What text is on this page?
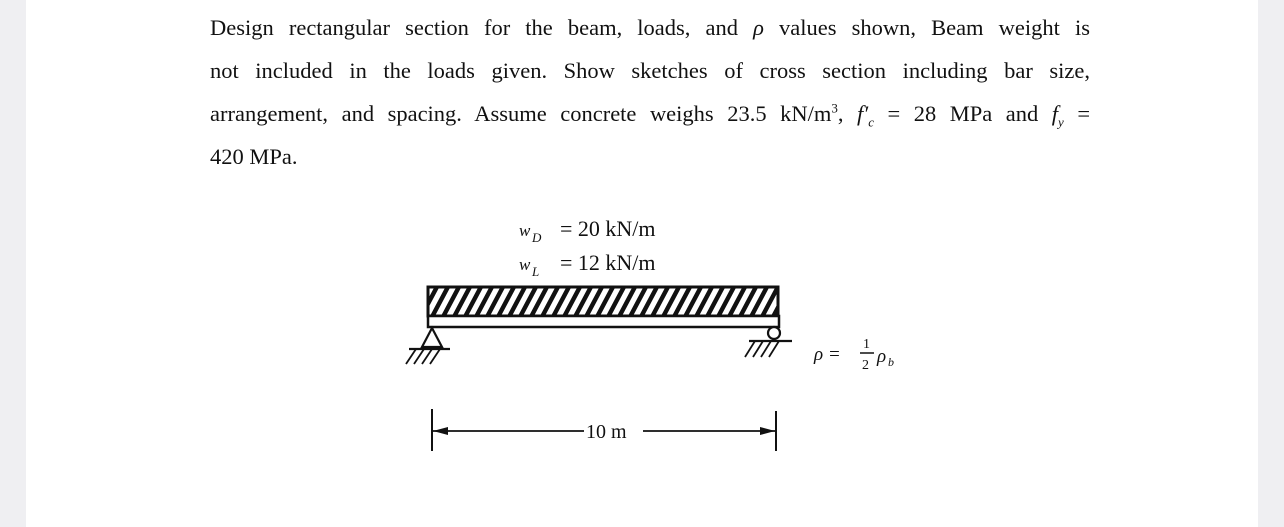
Design rectangular section for the beam, loads, and ρ values shown, Beam weight is
not included in the loads given. Show sketches of cross section including bar size,
arrangement, and spacing. Assume concrete weighs 23.5 $kN/m^3$, $f'_c = 28$ MPa and $f_y$ =
420 MPa.
w D = 20 kN/m
w L = 12 kN/m
10 m
ρ = 1
2 ρ b
